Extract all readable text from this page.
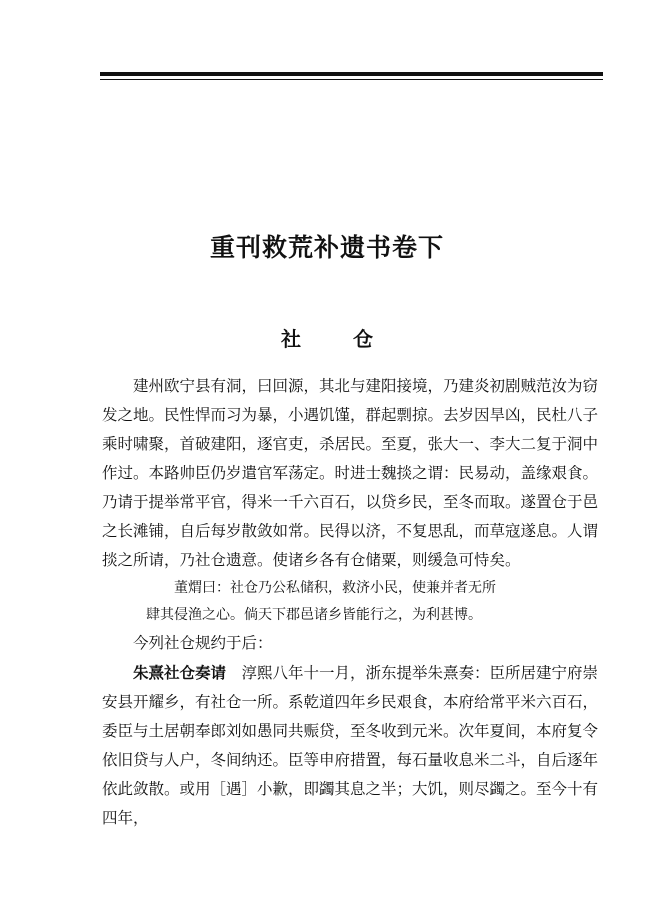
重刊救荒补遗书卷下
社	仓

建州欧宁县有洞，曰回源，其北与建阳接境，乃建炎初剧贼范汝为窃发之地。民性悍而习为暴，小遇饥馑，群起剽掠。去岁因旱凶，民杜八子乘时啸聚，首破建阳，逐官吏，杀居民。至夏，张大一、李大二复于洞中作过。本路帅臣仍岁遣官军荡定。时进士魏掞之谓：民易动，盖缘艰食。乃请于提举常平官，得米一千六百石，以贷乡民，至冬而取。遂置仓于邑之长滩铺，自后每岁散敛如常。民得以济，不复思乱，而草寇遂息。人谓掞之所请，乃社仓遗意。使诸乡各有仓储粟，则缓急可恃矣。

董煟曰：社仓乃公私储积，救济小民，使兼并者无所

肆其侵渔之心。倘天下郡邑诸乡皆能行之，为利甚博。

今列社仓规约于后：

朱熹社仓奏请　 淳熙八年十一月，浙东提举朱熹奏：臣所居建宁府崇安县开耀乡，有社仓一所。系乾道四年乡民艰食，本府给常平米六百石，委臣与土居朝奉郎刘如愚同共赈贷，至冬收到元米。次年夏间，本府复令依旧贷与人户，冬间纳还。臣等申府措置，每石量收息米二斗，自后逐年依此敛散。或用［遇］小歉，即蠲其息之半；大饥，则尽蠲之。至今十有四年，
